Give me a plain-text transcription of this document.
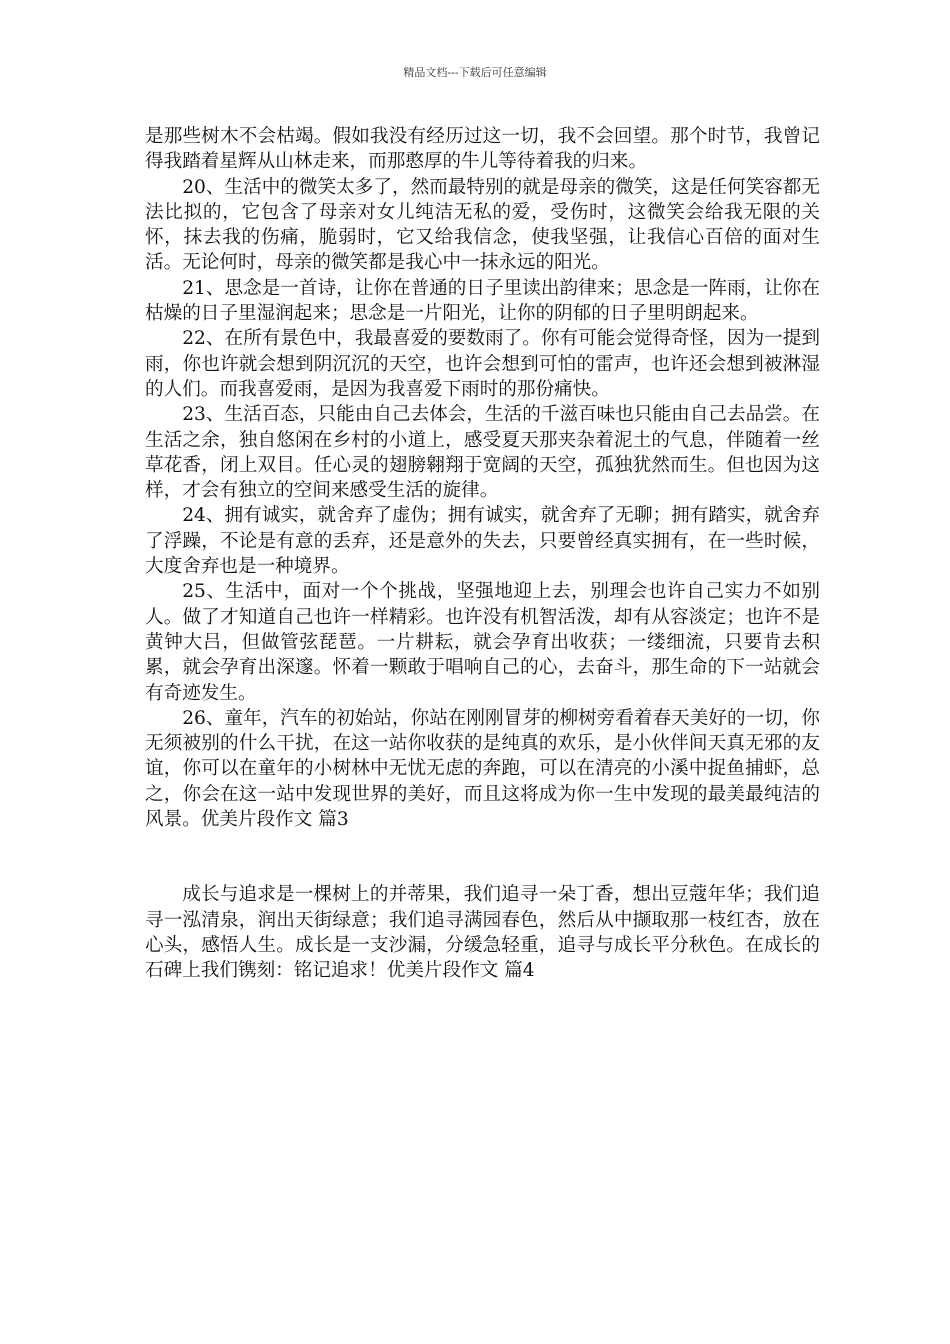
精品文档---下载后可任意编辑

是那些树木不会枯竭。假如我没有经历过这一切，我不会回望。那个时节，我曾记得我踏着星辉从山林走来，而那憨厚的牛儿等待着我的归来。

20、生活中的微笑太多了，然而最特别的就是母亲的微笑，这是任何笑容都无法比拟的，它包含了母亲对女儿纯洁无私的爱，受伤时，这微笑会给我无限的关怀，抹去我的伤痛，脆弱时，它又给我信念，使我坚强，让我信心百倍的面对生活。无论何时，母亲的微笑都是我心中一抹永远的阳光。

21、思念是一首诗，让你在普通的日子里读出韵律来；思念是一阵雨，让你在枯燥的日子里湿润起来；思念是一片阳光，让你的阴郁的日子里明朗起来。

22、在所有景色中，我最喜爱的要数雨了。你有可能会觉得奇怪，因为一提到雨，你也许就会想到阴沉沉的天空，也许会想到可怕的雷声，也许还会想到被淋湿的人们。而我喜爱雨，是因为我喜爱下雨时的那份痛快。

23、生活百态，只能由自己去体会，生活的千滋百味也只能由自己去品尝。在生活之余，独自悠闲在乡村的小道上，感受夏天那夹杂着泥土的气息，伴随着一丝草花香，闭上双目。任心灵的翅膀翱翔于宽阔的天空，孤独犹然而生。但也因为这样，才会有独立的空间来感受生活的旋律。

24、拥有诚实，就舍弃了虚伪；拥有诚实，就舍弃了无聊；拥有踏实，就舍弃了浮躁，不论是有意的丢弃，还是意外的失去，只要曾经真实拥有，在一些时候，大度舍弃也是一种境界。

25、生活中，面对一个个挑战，坚强地迎上去，别理会也许自己实力不如别人。做了才知道自己也许一样精彩。也许没有机智活泼，却有从容淡定；也许不是黄钟大吕，但做管弦琵琶。一片耕耘，就会孕育出收获；一缕细流，只要肯去积累，就会孕育出深邃。怀着一颗敢于唱响自己的心，去奋斗，那生命的下一站就会有奇迹发生。

26、童年，汽车的初始站，你站在刚刚冒芽的柳树旁看着春天美好的一切，你无须被别的什么干扰，在这一站你收获的是纯真的欢乐，是小伙伴间天真无邪的友谊，你可以在童年的小树林中无忧无虑的奔跑，可以在清亮的小溪中捉鱼捕虾，总之，你会在这一站中发现世界的美好，而且这将成为你一生中发现的最美最纯洁的风景。优美片段作文 篇3

成长与追求是一棵树上的并蒂果，我们追寻一朵丁香，想出豆蔻年华；我们追寻一泓清泉，润出天街绿意；我们追寻满园春色，然后从中撷取那一枝红杏，放在心头，感悟人生。成长是一支沙漏，分缓急轻重，追寻与成长平分秋色。在成长的石碑上我们镌刻：铭记追求！优美片段作文 篇4
